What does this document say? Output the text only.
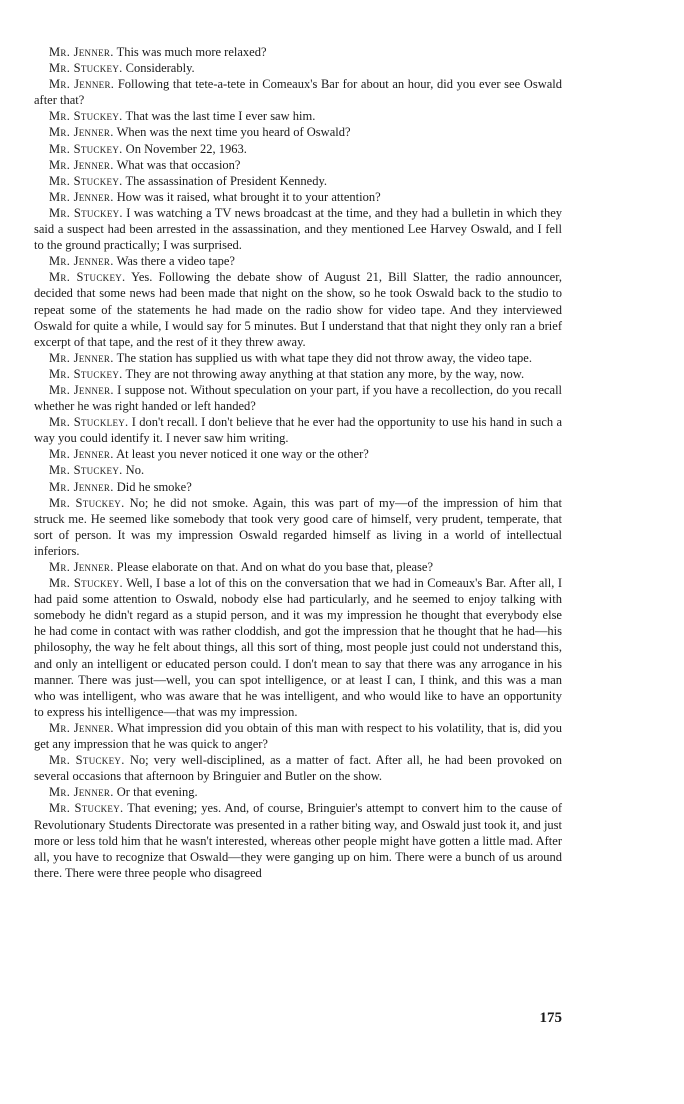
Mr. Jenner. This was much more relaxed?

Mr. Stuckey. Considerably.

Mr. Jenner. Following that tete-a-tete in Comeaux's Bar for about an hour, did you ever see Oswald after that?

Mr. Stuckey. That was the last time I ever saw him.

Mr. Jenner. When was the next time you heard of Oswald?

Mr. Stuckey. On November 22, 1963.

Mr. Jenner. What was that occasion?

Mr. Stuckey. The assassination of President Kennedy.

Mr. Jenner. How was it raised, what brought it to your attention?

Mr. Stuckey. I was watching a TV news broadcast at the time, and they had a bulletin in which they said a suspect had been arrested in the assassination, and they mentioned Lee Harvey Oswald, and I fell to the ground practically; I was surprised.

Mr. Jenner. Was there a video tape?

Mr. Stuckey. Yes. Following the debate show of August 21, Bill Slatter, the radio announcer, decided that some news had been made that night on the show, so he took Oswald back to the studio to repeat some of the statements he had made on the radio show for video tape. And they interviewed Oswald for quite a while, I would say for 5 minutes. But I understand that that night they only ran a brief excerpt of that tape, and the rest of it they threw away.

Mr. Jenner. The station has supplied us with what tape they did not throw away, the video tape.

Mr. Stuckey. They are not throwing away anything at that station any more, by the way, now.

Mr. Jenner. I suppose not. Without speculation on your part, if you have a recollection, do you recall whether he was right handed or left handed?

Mr. Stuckley. I don't recall. I don't believe that he ever had the opportunity to use his hand in such a way you could identify it. I never saw him writing.

Mr. Jenner. At least you never noticed it one way or the other?

Mr. Stuckey. No.

Mr. Jenner. Did he smoke?

Mr. Stuckey. No; he did not smoke. Again, this was part of my—of the impression of him that struck me. He seemed like somebody that took very good care of himself, very prudent, temperate, that sort of person. It was my impression Oswald regarded himself as living in a world of intellectual inferiors.

Mr. Jenner. Please elaborate on that. And on what do you base that, please?

Mr. Stuckey. Well, I base a lot of this on the conversation that we had in Comeaux's Bar. After all, I had paid some attention to Oswald, nobody else had particularly, and he seemed to enjoy talking with somebody he didn't regard as a stupid person, and it was my impression he thought that everybody else he had come in contact with was rather cloddish, and got the impression that he thought that he had—his philosophy, the way he felt about things, all this sort of thing, most people just could not understand this, and only an intelligent or educated person could. I don't mean to say that there was any arrogance in his manner. There was just—well, you can spot intelligence, or at least I can, I think, and this was a man who was intelligent, who was aware that he was intelligent, and who would like to have an opportunity to express his intelligence—that was my impression.

Mr. Jenner. What impression did you obtain of this man with respect to his volatility, that is, did you get any impression that he was quick to anger?

Mr. Stuckey. No; very well-disciplined, as a matter of fact. After all, he had been provoked on several occasions that afternoon by Bringuier and Butler on the show.

Mr. Jenner. Or that evening.

Mr. Stuckey. That evening; yes. And, of course, Bringuier's attempt to convert him to the cause of Revolutionary Students Directorate was presented in a rather biting way, and Oswald just took it, and just more or less told him that he wasn't interested, whereas other people might have gotten a little mad. After all, you have to recognize that Oswald—they were ganging up on him. There were a bunch of us around there. There were three people who disagreed

175
